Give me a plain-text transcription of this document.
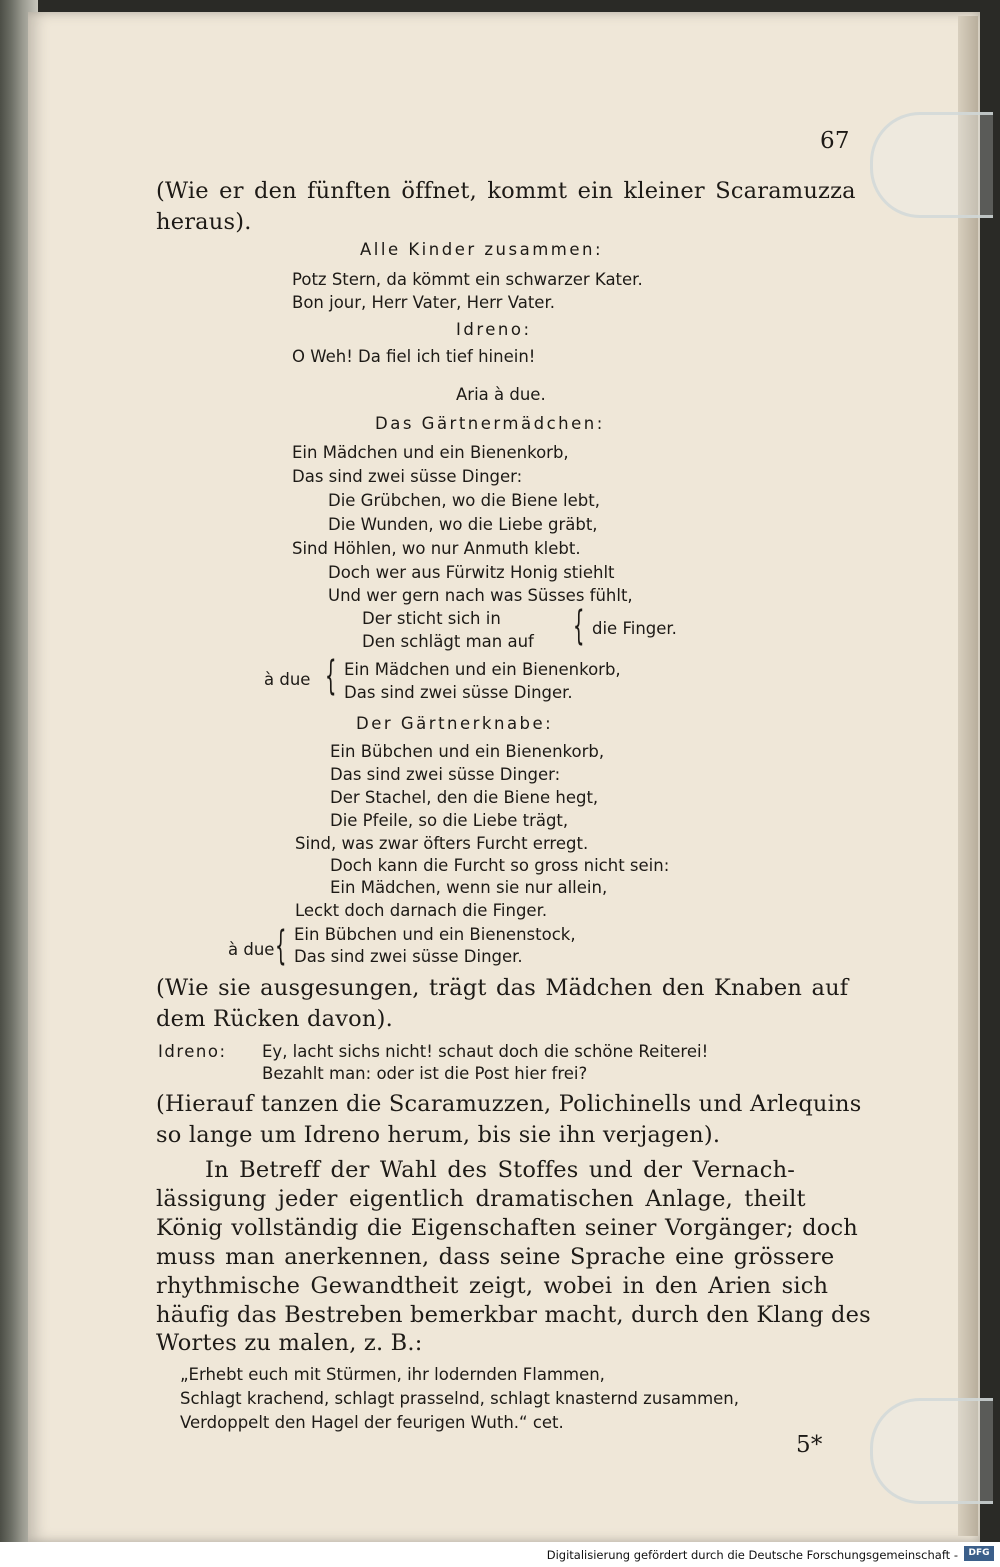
67
(Wie er den fünften öffnet, kommt ein kleiner Scaramuzza
heraus).
Alle Kinder zusammen:
Potz Stern, da kömmt ein schwarzer Kater.
Bon jour, Herr Vater, Herr Vater.
Idreno:
O Weh! Da fiel ich tief hinein!
Aria à due.
Das Gärtnermädchen:
Ein Mädchen und ein Bienenkorb,
Das sind zwei süsse Dinger:
Die Grübchen, wo die Biene lebt,
Die Wunden, wo die Liebe gräbt,
Sind Höhlen, wo nur Anmuth klebt.
Doch wer aus Fürwitz Honig stiehlt
Und wer gern nach was Süsses fühlt,
Der sticht sich in
Den schlägt man auf { die Finger.
à due { Ein Mädchen und ein Bienenkorb,
Das sind zwei süsse Dinger.
Der Gärtnerknabe:
Ein Bübchen und ein Bienenkorb,
Das sind zwei süsse Dinger:
Der Stachel, den die Biene hegt,
Die Pfeile, so die Liebe trägt,
Sind, was zwar öfters Furcht erregt.
Doch kann die Furcht so gross nicht sein:
Ein Mädchen, wenn sie nur allein,
Leckt doch darnach die Finger.
à due { Ein Bübchen und ein Bienenstock,
Das sind zwei süsse Dinger.
(Wie sie ausgesungen, trägt das Mädchen den Knaben auf
dem Rücken davon).
Idreno: Ey, lacht sichs nicht! schaut doch die schöne Reiterei!
Bezahlt man: oder ist die Post hier frei?
(Hierauf tanzen die Scaramuzzen, Polichinells und Arlequins
so lange um Idreno herum, bis sie ihn verjagen).
In Betreff der Wahl des Stoffes und der Vernach-
lässigung jeder eigentlich dramatischen Anlage, theilt
König vollständig die Eigenschaften seiner Vorgänger; doch
muss man anerkennen, dass seine Sprache eine grössere
rhythmische Gewandtheit zeigt, wobei in den Arien sich
häufig das Bestreben bemerkbar macht, durch den Klang des
Wortes zu malen, z. B.:
„Erhebt euch mit Stürmen, ihr lodernden Flammen,
Schlagt krachend, schlagt prasselnd, schlagt knasternd zusammen,
Verdoppelt den Hagel der feurigen Wuth.“ cet.
5*
Digitalisierung gefördert durch die Deutsche Forschungsgemeinschaft -	DFG
